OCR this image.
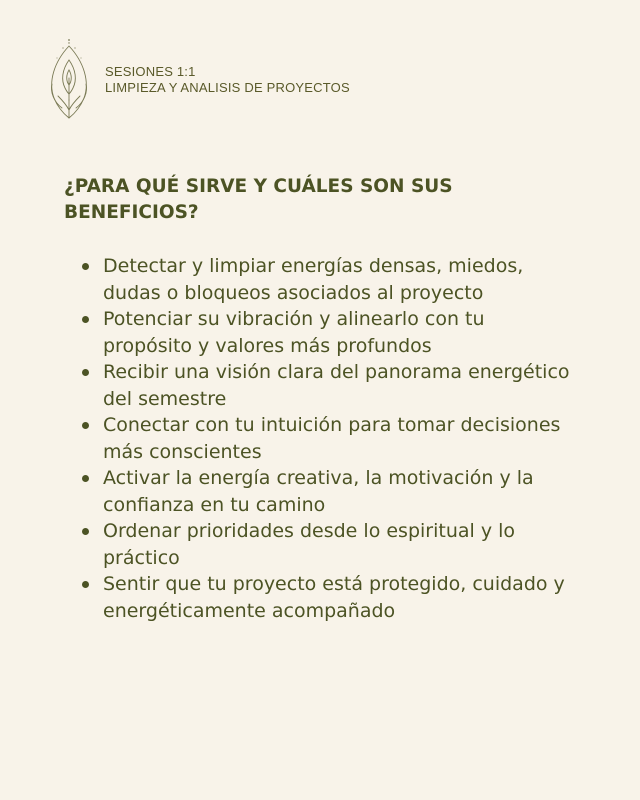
SESIONES 1:1
LIMPIEZA Y ANALISIS DE PROYECTOS
¿PARA QUÉ SIRVE Y CUÁLES SON SUS BENEFICIOS?
Detectar y limpiar energías densas, miedos, dudas o bloqueos asociados al proyecto
Potenciar su vibración y alinearlo con tu propósito y valores más profundos
Recibir una visión clara del panorama energético del semestre
Conectar con tu intuición para tomar decisiones más conscientes
Activar la energía creativa, la motivación y la confianza en tu camino
Ordenar prioridades desde lo espiritual y lo práctico
Sentir que tu proyecto está protegido, cuidado y energéticamente acompañado
